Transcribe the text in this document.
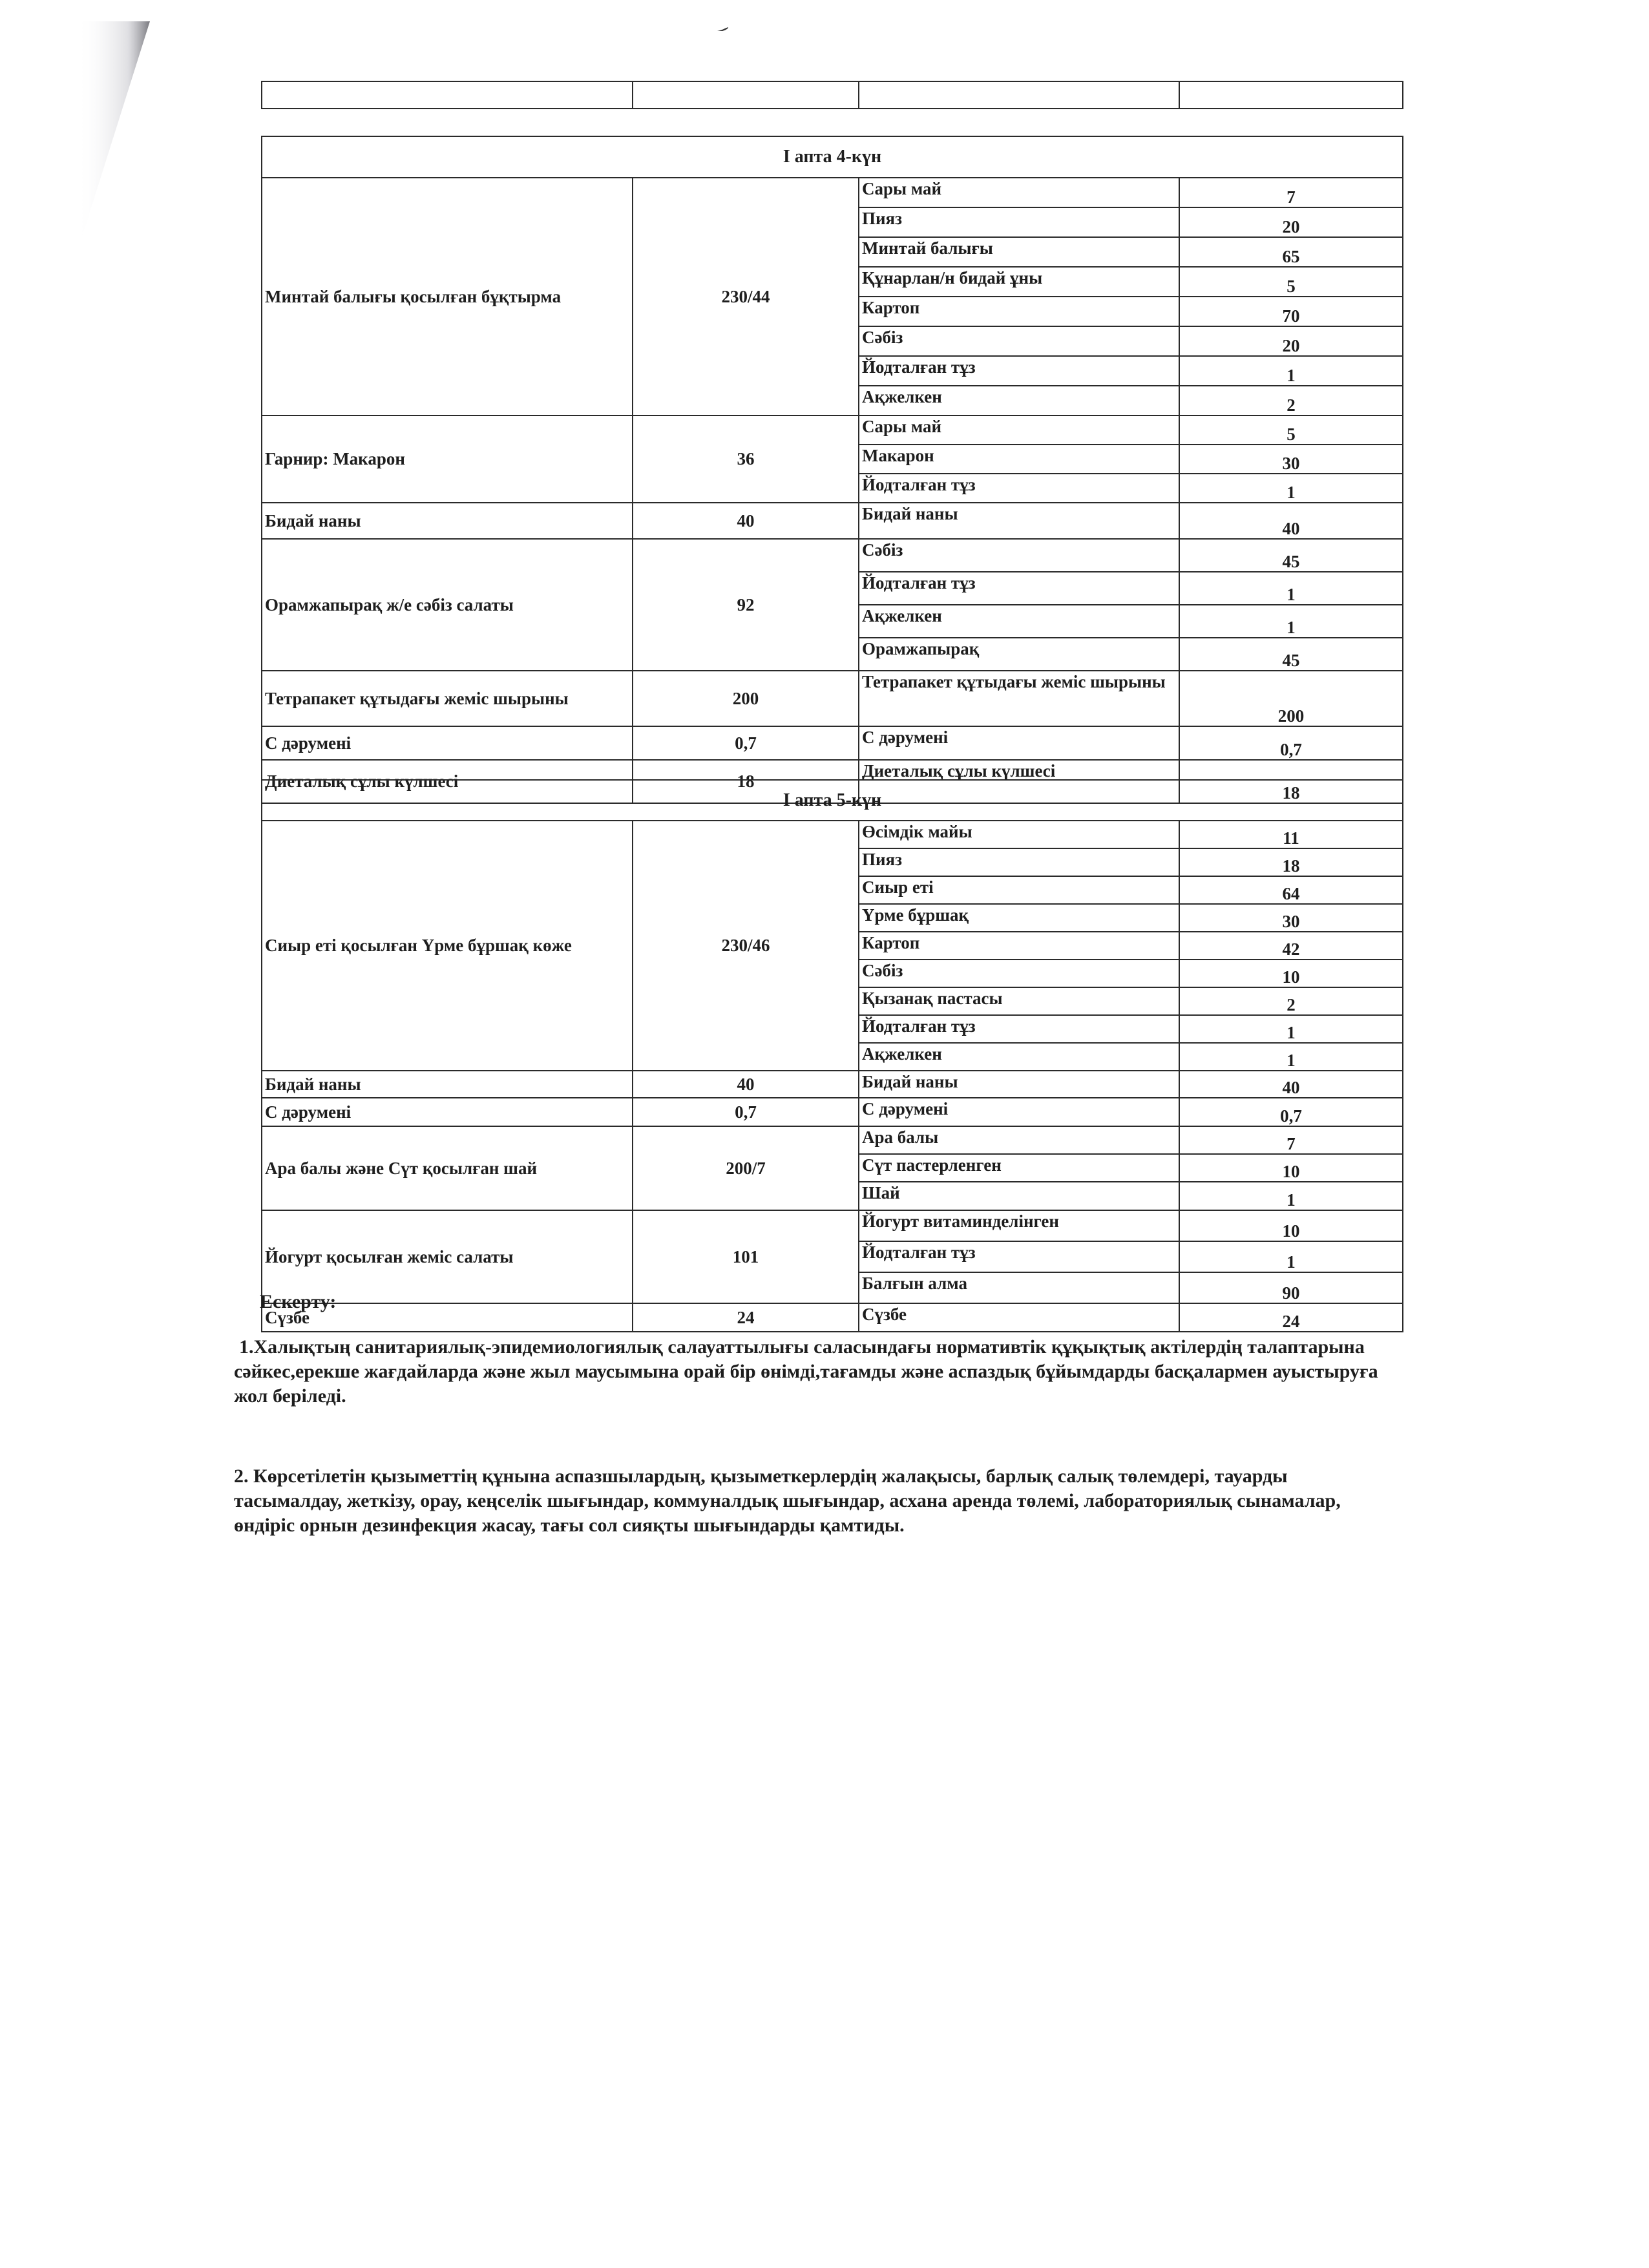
I апта 4-күн			
Минтай балығы қосылған бұқтырма	230/44	Сары май	7
		Пияз	20
		Минтай балығы	65
		Құнарлан/н бидай ұны	5
		Картоп	70
		Сәбіз	20
		Йодталған тұз	1
		Ақжелкен	2
Гарнир: Макарон	36	Сары май	5
		Макарон	30
		Йодталған тұз	1
Бидай наны	40	Бидай наны	40
Орамжапырақ ж/е сәбіз салаты	92	Сәбіз	45
		Йодталған тұз	1
		Ақжелкен	1
		Орамжапырақ	45
Тетрапакет құтыдағы жеміс шырыны	200	Тетрапакет құтыдағы жеміс шырыны	200
С дәрумені	0,7	С дәрумені	0,7
Диеталық сұлы күлшесі	18	Диеталық сұлы күлшесі	18
I апта 5-күн			
Сиыр еті қосылған Үрме бұршақ көже	230/46	Өсімдік майы	11
		Пияз	18
		Сиыр еті	64
		Үрме бұршақ	30
		Картоп	42
		Сәбіз	10
		Қызанақ пастасы	2
		Йодталған тұз	1
		Ақжелкен	1
Бидай наны	40	Бидай наны	40
С дәрумені	0,7	С дәрумені	0,7
Ара балы және Сүт қосылған шай	200/7	Ара балы	7
		Сүт пастерленген	10
		Шай	1
Йогурт қосылған жеміс салаты	101	Йогурт витаминделінген	10
		Йодталған тұз	1
		Балғын алма	90
Сүзбе	24	Сүзбе	24
Ескерту:
1.Халықтың санитариялық-эпидемиологиялық салауаттылығы саласындағы нормативтік құқықтық актілердің талаптарына сәйкес,ерекше жағдайларда және жыл маусымына орай бір өнімді,тағамды және аспаздық бұйымдарды басқалармен ауыстыруға жол беріледі.
2. Көрсетілетін қызыметтің құнына аспазшылардың, қызыметкерлердің жалақысы, барлық салық төлемдері, тауарды тасымалдау, жеткізу, орау, кеңселік шығындар, коммуналдық шығындар, асхана аренда төлемі, лабораториялық сынамалар, өндіріс орнын дезинфекция жасау, тағы сол сияқты шығындарды қамтиды.
